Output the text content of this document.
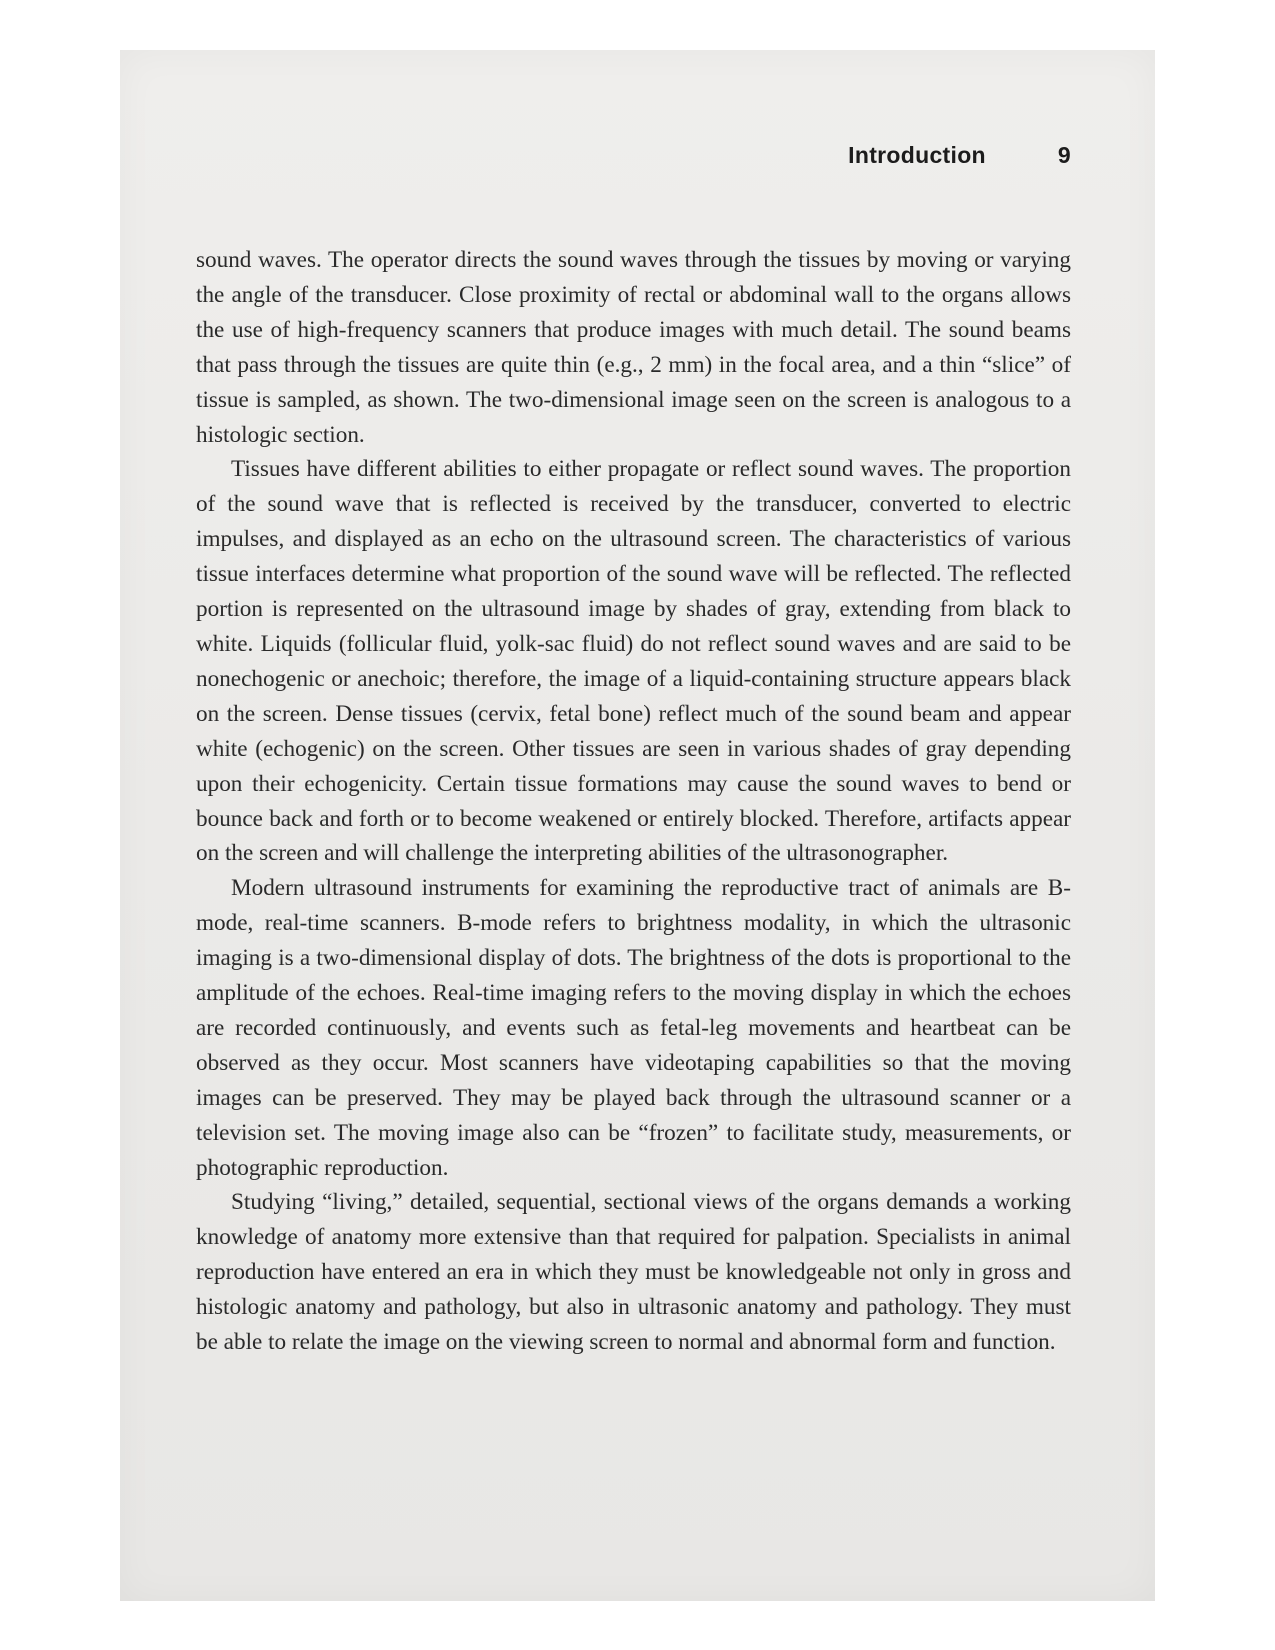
Introduction	9

sound waves. The operator directs the sound waves through the tissues by moving or varying the angle of the transducer. Close proximity of rectal or abdominal wall to the organs allows the use of high-frequency scanners that produce images with much detail. The sound beams that pass through the tissues are quite thin (e.g., 2 mm) in the focal area, and a thin “slice” of tissue is sampled, as shown. The two-dimensional image seen on the screen is analogous to a histologic section.

Tissues have different abilities to either propagate or reflect sound waves. The proportion of the sound wave that is reflected is received by the transducer, converted to electric impulses, and displayed as an echo on the ultrasound screen. The characteristics of various tissue interfaces determine what proportion of the sound wave will be reflected. The reflected portion is represented on the ultrasound image by shades of gray, extending from black to white. Liquids (follicular fluid, yolk-sac fluid) do not reflect sound waves and are said to be nonechogenic or anechoic; therefore, the image of a liquid-containing structure appears black on the screen. Dense tissues (cervix, fetal bone) reflect much of the sound beam and appear white (echogenic) on the screen. Other tissues are seen in various shades of gray depending upon their echogenicity. Certain tissue formations may cause the sound waves to bend or bounce back and forth or to become weakened or entirely blocked. Therefore, artifacts appear on the screen and will challenge the interpreting abilities of the ultrasonographer.

Modern ultrasound instruments for examining the reproductive tract of animals are B-mode, real-time scanners. B-mode refers to brightness modality, in which the ultrasonic imaging is a two-dimensional display of dots. The brightness of the dots is proportional to the amplitude of the echoes. Real-time imaging refers to the moving display in which the echoes are recorded continuously, and events such as fetal-leg movements and heartbeat can be observed as they occur. Most scanners have videotaping capabilities so that the moving images can be preserved. They may be played back through the ultrasound scanner or a television set. The moving image also can be “frozen” to facilitate study, measurements, or photographic reproduction.

Studying “living,” detailed, sequential, sectional views of the organs demands a working knowledge of anatomy more extensive than that required for palpation. Specialists in animal reproduction have entered an era in which they must be knowledgeable not only in gross and histologic anatomy and pathology, but also in ultrasonic anatomy and pathology. They must be able to relate the image on the viewing screen to normal and abnormal form and function.
